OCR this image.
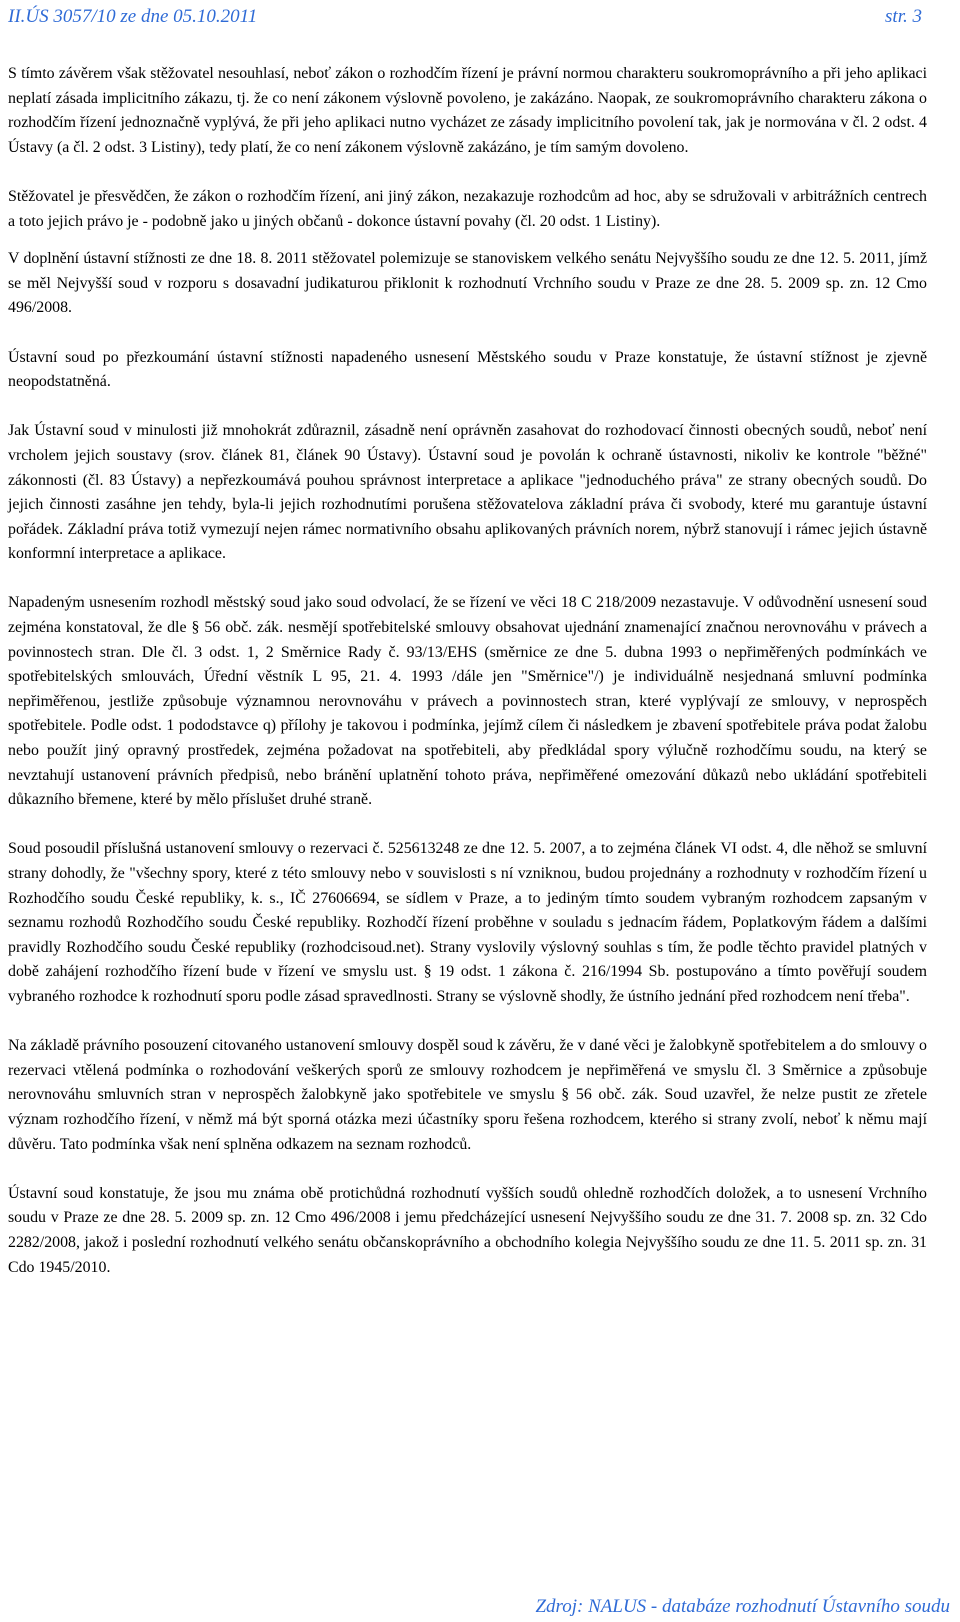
II.ÚS 3057/10 ze dne 05.10.2011	str. 3

S tímto závěrem však stěžovatel nesouhlasí, neboť zákon o rozhodčím řízení je právní normou charakteru soukromoprávního a při jeho aplikaci neplatí zásada implicitního zákazu, tj. že co není zákonem výslovně povoleno, je zakázáno. Naopak, ze soukromoprávního charakteru zákona o rozhodčím řízení jednoznačně vyplývá, že při jeho aplikaci nutno vycházet ze zásady implicitního povolení tak, jak je normována v čl. 2 odst. 4 Ústavy (a čl. 2 odst. 3 Listiny), tedy platí, že co není zákonem výslovně zakázáno, je tím samým dovoleno.

Stěžovatel je přesvědčen, že zákon o rozhodčím řízení, ani jiný zákon, nezakazuje rozhodcům ad hoc, aby se sdružovali v arbitrážních centrech a toto jejich právo je - podobně jako u jiných občanů - dokonce ústavní povahy (čl. 20 odst. 1 Listiny).

V doplnění ústavní stížnosti ze dne 18. 8. 2011 stěžovatel polemizuje se stanoviskem velkého senátu Nejvyššího soudu ze dne 12. 5. 2011, jímž se měl Nejvyšší soud v rozporu s dosavadní judikaturou přiklonit k rozhodnutí Vrchního soudu v Praze ze dne 28. 5. 2009 sp. zn. 12 Cmo 496/2008.

Ústavní soud po přezkoumání ústavní stížnosti napadeného usnesení Městského soudu v Praze konstatuje, že ústavní stížnost je zjevně neopodstatněná.

Jak Ústavní soud v minulosti již mnohokrát zdůraznil, zásadně není oprávněn zasahovat do rozhodovací činnosti obecných soudů, neboť není vrcholem jejich soustavy (srov. článek 81, článek 90 Ústavy). Ústavní soud je povolán k ochraně ústavnosti, nikoliv ke kontrole "běžné" zákonnosti (čl. 83 Ústavy) a nepřezkoumává pouhou správnost interpretace a aplikace "jednoduchého práva" ze strany obecných soudů. Do jejich činnosti zasáhne jen tehdy, byla-li jejich rozhodnutími porušena stěžovatelova základní práva či svobody, které mu garantuje ústavní pořádek. Základní práva totiž vymezují nejen rámec normativního obsahu aplikovaných právních norem, nýbrž stanovují i rámec jejich ústavně konformní interpretace a aplikace.

Napadeným usnesením rozhodl městský soud jako soud odvolací, že se řízení ve věci 18 C 218/2009 nezastavuje. V odůvodnění usnesení soud zejména konstatoval, že dle § 56 obč. zák. nesmějí spotřebitelské smlouvy obsahovat ujednání znamenající značnou nerovnováhu v právech a povinnostech stran. Dle čl. 3 odst. 1, 2 Směrnice Rady č. 93/13/EHS (směrnice ze dne 5. dubna 1993 o nepřiměřených podmínkách ve spotřebitelských smlouvách, Úřední věstník L 95, 21. 4. 1993 /dále jen "Směrnice"/) je individuálně nesjednaná smluvní podmínka nepřiměřenou, jestliže způsobuje významnou nerovnováhu v právech a povinnostech stran, které vyplývají ze smlouvy, v neprospěch spotřebitele. Podle odst. 1 pododstavce q) přílohy je takovou i podmínka, jejímž cílem či následkem je zbavení spotřebitele práva podat žalobu nebo použít jiný opravný prostředek, zejména požadovat na spotřebiteli, aby předkládal spory výlučně rozhodčímu soudu, na který se nevztahují ustanovení právních předpisů, nebo bránění uplatnění tohoto práva, nepřiměřené omezování důkazů nebo ukládání spotřebiteli důkazního břemene, které by mělo příslušet druhé straně.

Soud posoudil příslušná ustanovení smlouvy o rezervaci č. 525613248 ze dne 12. 5. 2007, a to zejména článek VI odst. 4, dle něhož se smluvní strany dohodly, že "všechny spory, které z této smlouvy nebo v souvislosti s ní vzniknou, budou projednány a rozhodnuty v rozhodčím řízení u Rozhodčího soudu České republiky, k. s., IČ 27606694, se sídlem v Praze, a to jediným tímto soudem vybraným rozhodcem zapsaným v seznamu rozhodů Rozhodčího soudu České republiky. Rozhodčí řízení proběhne v souladu s jednacím řádem, Poplatkovým řádem a dalšími pravidly Rozhodčího soudu České republiky (rozhodcisoud.net). Strany vyslovily výslovný souhlas s tím, že podle těchto pravidel platných v době zahájení rozhodčího řízení bude v řízení ve smyslu ust. § 19 odst. 1 zákona č. 216/1994 Sb. postupováno a tímto pověřují soudem vybraného rozhodce k rozhodnutí sporu podle zásad spravedlnosti. Strany se výslovně shodly, že ústního jednání před rozhodcem není třeba".

Na základě právního posouzení citovaného ustanovení smlouvy dospěl soud k závěru, že v dané věci je žalobkyně spotřebitelem a do smlouvy o rezervaci vtělená podmínka o rozhodování veškerých sporů ze smlouvy rozhodcem je nepřiměřená ve smyslu čl. 3 Směrnice a způsobuje nerovnováhu smluvních stran v neprospěch žalobkyně jako spotřebitele ve smyslu § 56 obč. zák. Soud uzavřel, že nelze pustit ze zřetele význam rozhodčího řízení, v němž má být sporná otázka mezi účastníky sporu řešena rozhodcem, kterého si strany zvolí, neboť k němu mají důvěru. Tato podmínka však není splněna odkazem na seznam rozhodců.

Ústavní soud konstatuje, že jsou mu známa obě protichůdná rozhodnutí vyšších soudů ohledně rozhodčích doložek, a to usnesení Vrchního soudu v Praze ze dne 28. 5. 2009 sp. zn. 12 Cmo 496/2008 i jemu předcházející usnesení Nejvyššího soudu ze dne 31. 7. 2008 sp. zn. 32 Cdo 2282/2008, jakož i poslední rozhodnutí velkého senátu občanskoprávního a obchodního kolegia Nejvyššího soudu ze dne 11. 5. 2011 sp. zn. 31 Cdo 1945/2010.

Zdroj: NALUS - databáze rozhodnutí Ústavního soudu
